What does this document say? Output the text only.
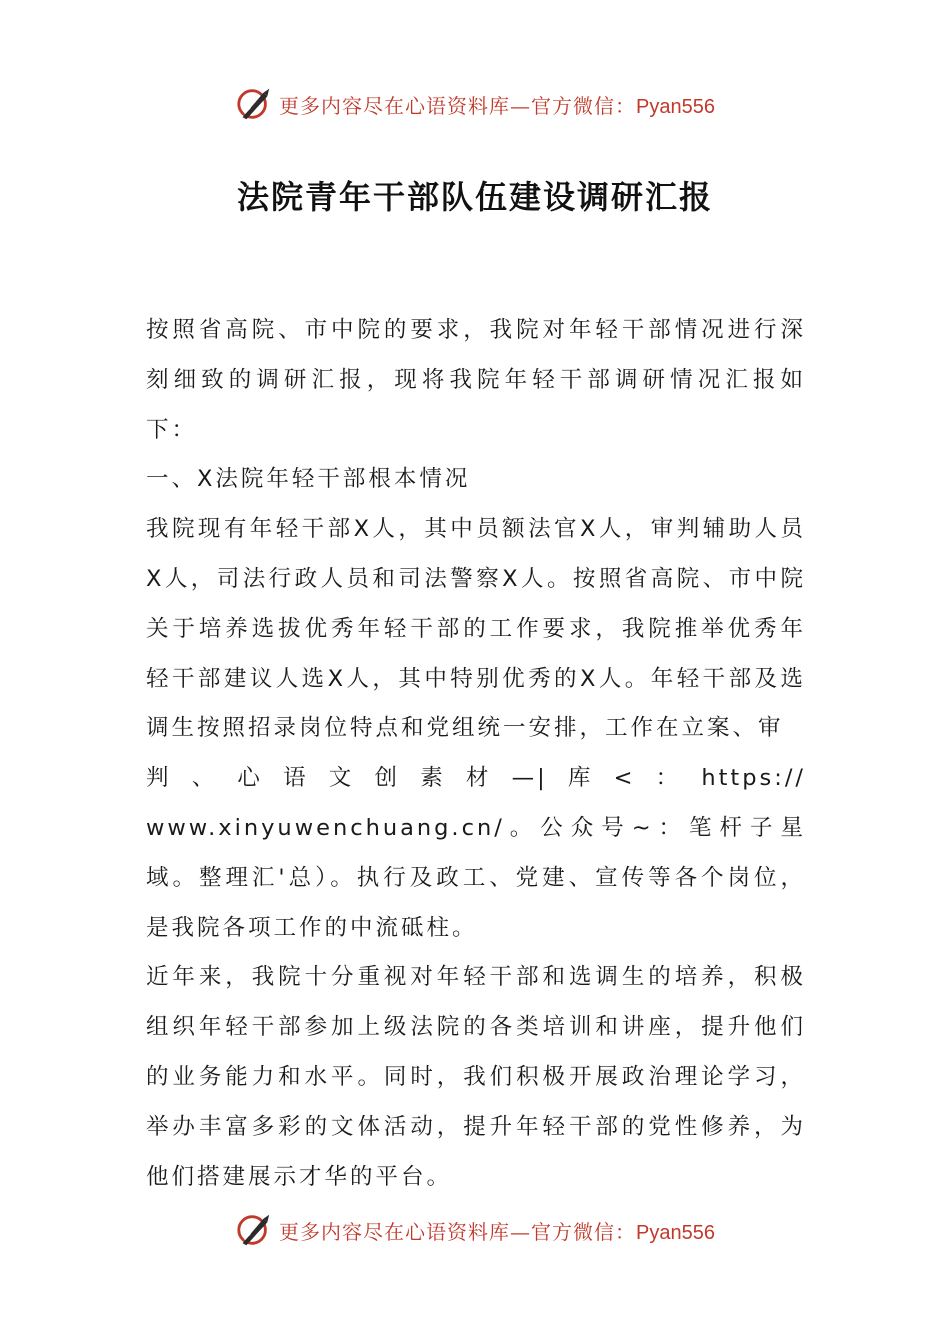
更多内容尽在心语资料库—官方微信：Pyan556
法院青年干部队伍建设调研汇报

按照省高院、市中院的要求，我院对年轻干部情况进行深刻细致的调研汇报，现将我院年轻干部调研情况汇报如下：

一、X法院年轻干部根本情况

我院现有年轻干部X人，其中员额法官X人，审判辅助人员X人，司法行政人员和司法警察X人。按照省高院、市中院关于培养选拔优秀年轻干部的工作要求，我院推举优秀年轻干部建议人选X人，其中特别优秀的X人。年轻干部及选调生按照招录岗位特点和党组统一安排，工作在立案、审

判、心语文创素材—|库<：https://

www.xinyuwenchuang.cn/。公众号~：笔杆子星域。整理汇'总）。执行及政工、党建、宣传等各个岗位，是我院各项工作的中流砥柱。

近年来，我院十分重视对年轻干部和选调生的培养，积极组织年轻干部参加上级法院的各类培训和讲座，提升他们的业务能力和水平。同时，我们积极开展政治理论学习，举办丰富多彩的文体活动，提升年轻干部的党性修养，为他们搭建展示才华的平台。

更多内容尽在心语资料库—官方微信：Pyan556
